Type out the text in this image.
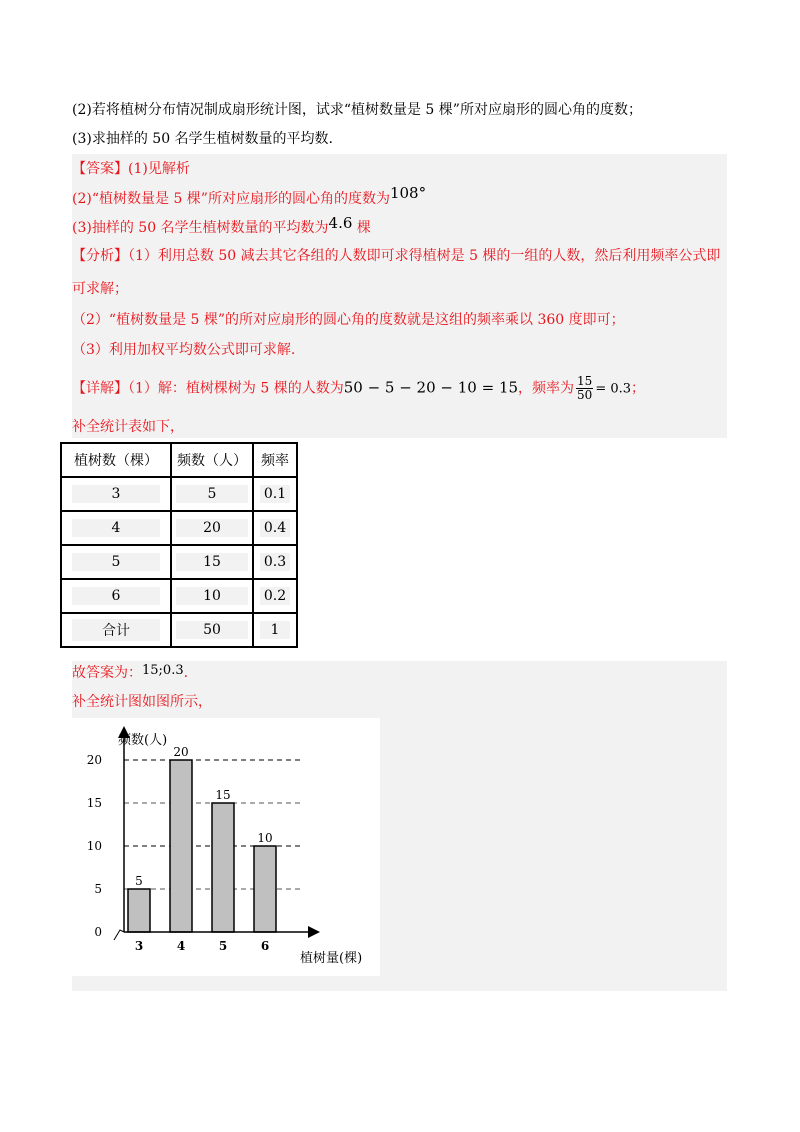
(2)若将植树分布情况制成扇形统计图，试求“植树数量是 5 棵”所对应扇形的圆心角的度数；
(3)求抽样的 50 名学生植树数量的平均数.
【答案】(1)见解析
(2)“植树数量是 5 棵”所对应扇形的圆心角的度数为108°
(3)抽样的 50 名学生植树数量的平均数为4.6 棵
【分析】（1）利用总数 50 减去其它各组的人数即可求得植树是 5 棵的一组的人数，然后利用频率公式即
可求解；
（2）“植树数量是 5 棵”的所对应扇形的圆心角的度数就是这组的频率乘以 360 度即可；
（3）利用加权平均数公式即可求解.
【详解】（1）解：植树棵树为 5 棵的人数为50 − 5 − 20 − 10 = 15，频率为 $\frac{15}{50} = 0.3$；
补全统计表如下，
植树数（棵）	频数（人）	频率
3	5	0.1
4	20	0.4
5	15	0.3
6	10	0.2
合计	50	1
故答案为：15;0.3.
补全统计图如图所示，
5
3
20
4
15
5
10
6
0
5
10
15
20
频数(人)
植树量(棵)
